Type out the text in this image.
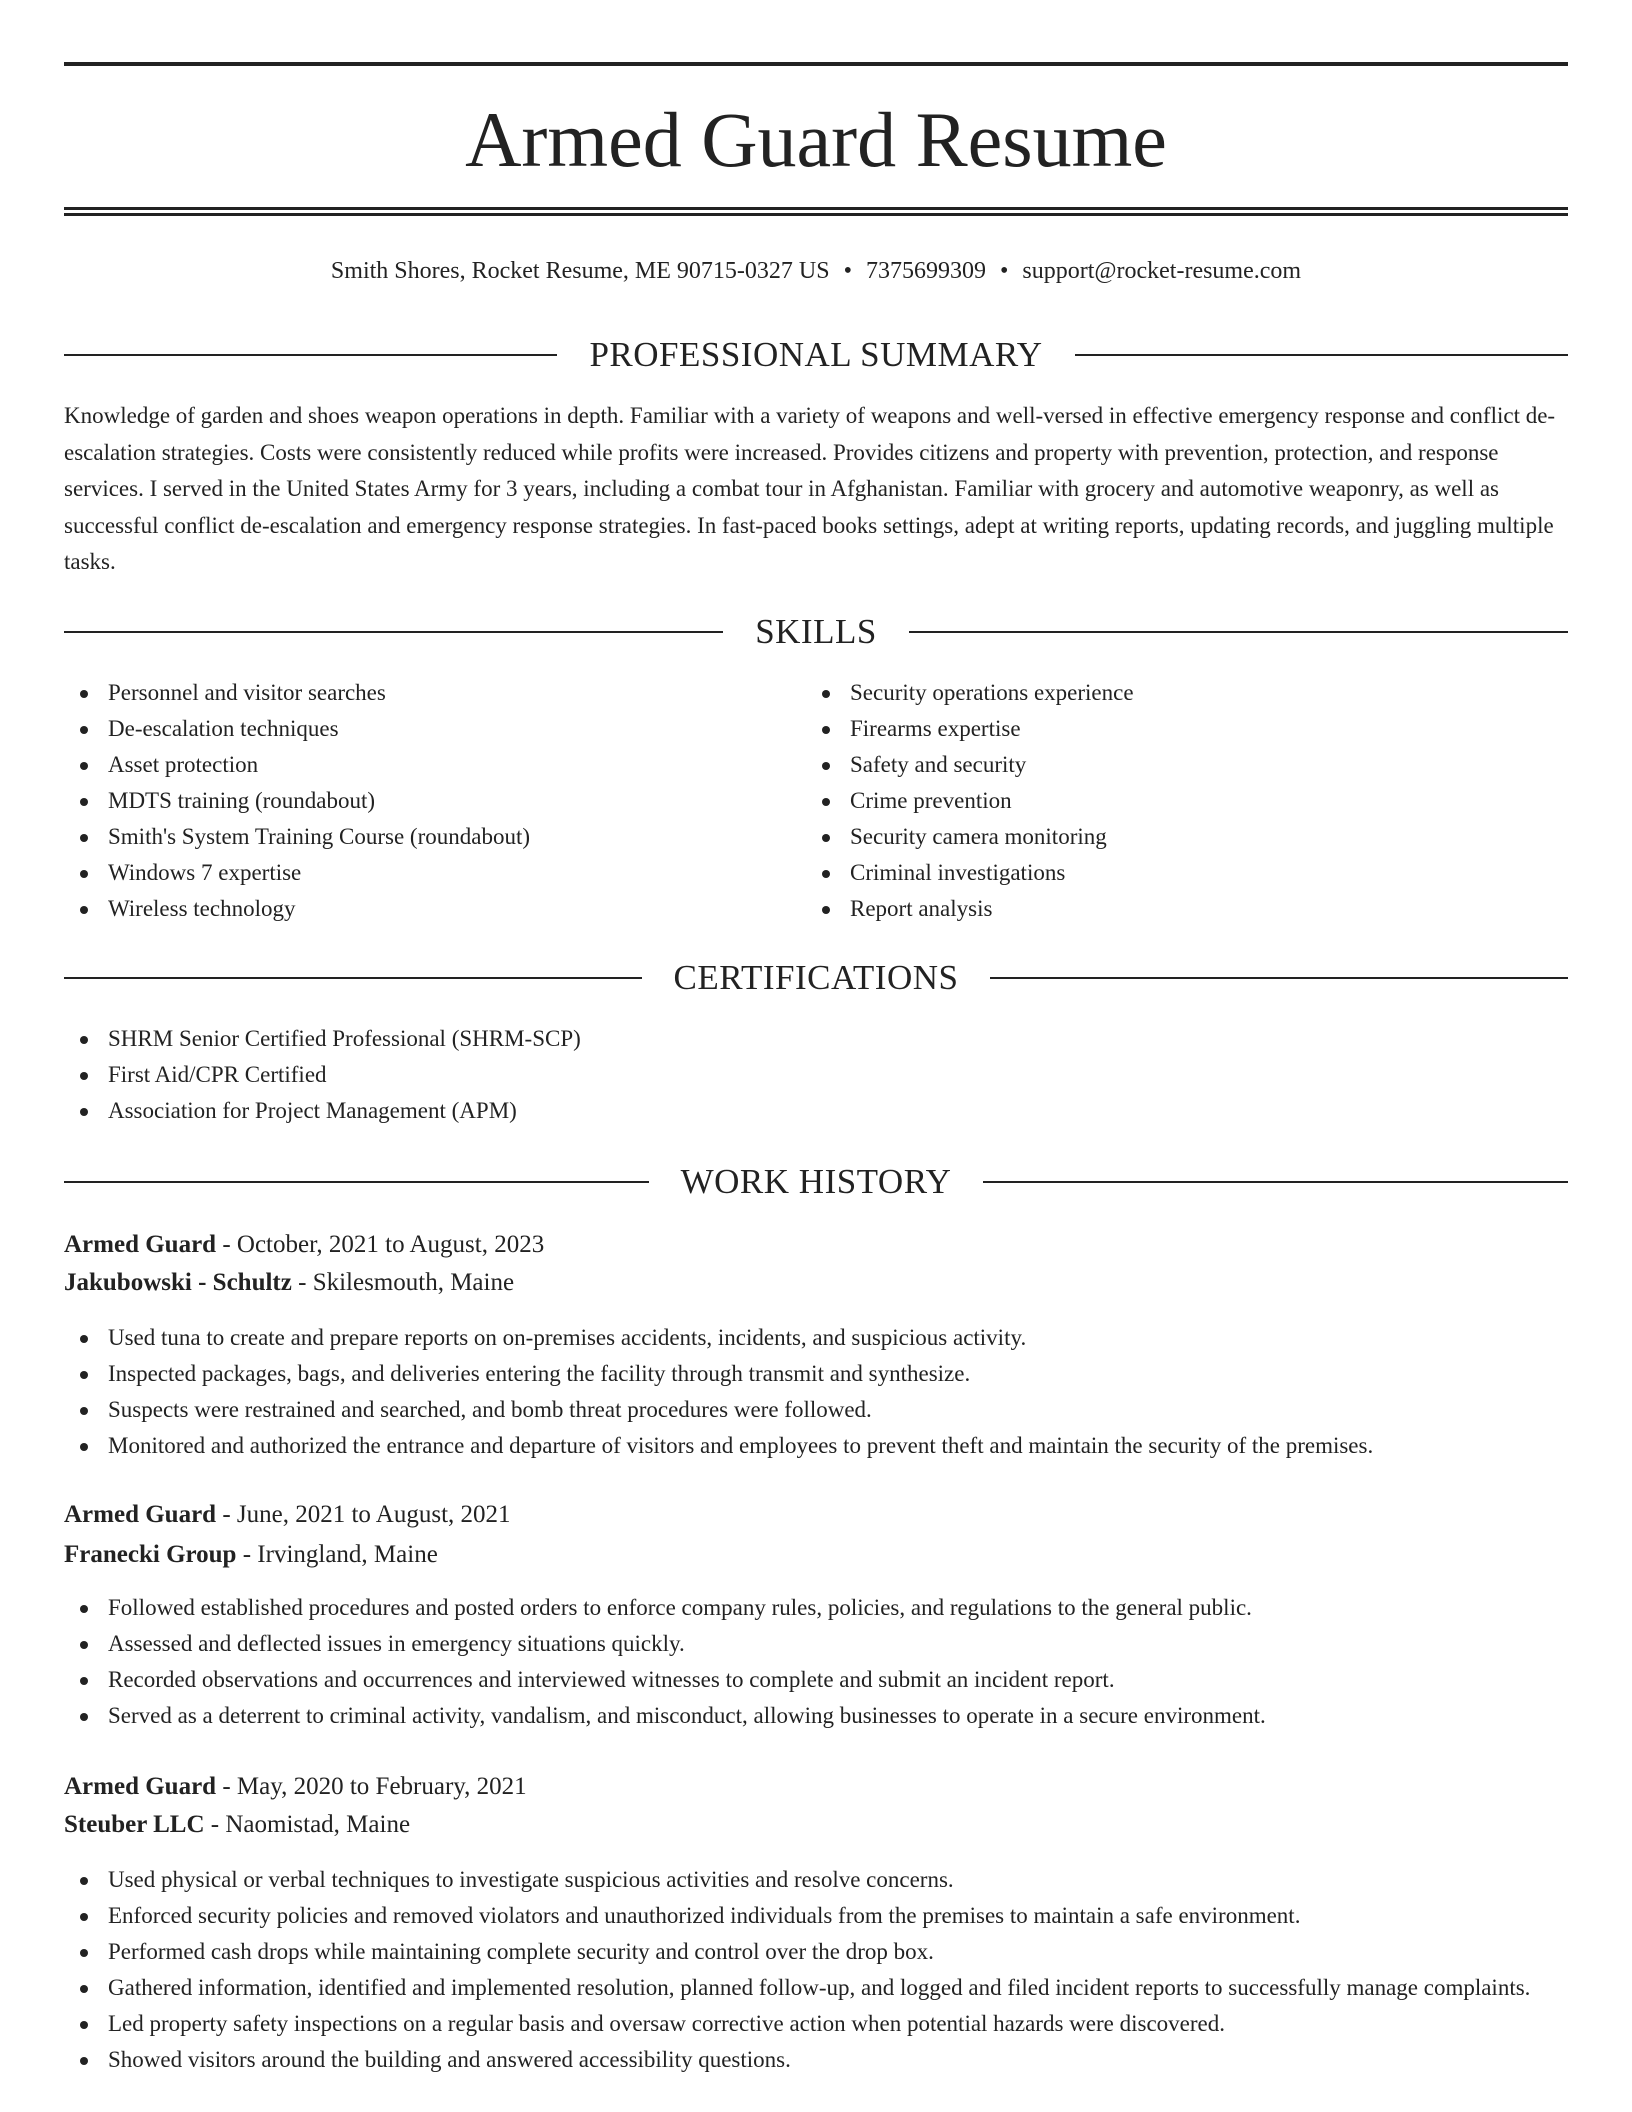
Armed Guard Resume
Smith Shores, Rocket Resume, ME 90715-0327 US • 7375699309 • support@rocket-resume.com
PROFESSIONAL SUMMARY
Knowledge of garden and shoes weapon operations in depth. Familiar with a variety of weapons and well-versed in effective emergency response and conflict de-escalation strategies. Costs were consistently reduced while profits were increased. Provides citizens and property with prevention, protection, and response services. I served in the United States Army for 3 years, including a combat tour in Afghanistan. Familiar with grocery and automotive weaponry, as well as successful conflict de-escalation and emergency response strategies. In fast-paced books settings, adept at writing reports, updating records, and juggling multiple tasks.
SKILLS
Personnel and visitor searches
De-escalation techniques
Asset protection
MDTS training (roundabout)
Smith's System Training Course (roundabout)
Windows 7 expertise
Wireless technology
Security operations experience
Firearms expertise
Safety and security
Crime prevention
Security camera monitoring
Criminal investigations
Report analysis
CERTIFICATIONS
SHRM Senior Certified Professional (SHRM-SCP)
First Aid/CPR Certified
Association for Project Management (APM)
WORK HISTORY
Armed Guard - October, 2021 to August, 2023
Jakubowski - Schultz - Skilesmouth, Maine
Used tuna to create and prepare reports on on-premises accidents, incidents, and suspicious activity.
Inspected packages, bags, and deliveries entering the facility through transmit and synthesize.
Suspects were restrained and searched, and bomb threat procedures were followed.
Monitored and authorized the entrance and departure of visitors and employees to prevent theft and maintain the security of the premises.
Armed Guard - June, 2021 to August, 2021
Franecki Group - Irvingland, Maine
Followed established procedures and posted orders to enforce company rules, policies, and regulations to the general public.
Assessed and deflected issues in emergency situations quickly.
Recorded observations and occurrences and interviewed witnesses to complete and submit an incident report.
Served as a deterrent to criminal activity, vandalism, and misconduct, allowing businesses to operate in a secure environment.
Armed Guard - May, 2020 to February, 2021
Steuber LLC - Naomistad, Maine
Used physical or verbal techniques to investigate suspicious activities and resolve concerns.
Enforced security policies and removed violators and unauthorized individuals from the premises to maintain a safe environment.
Performed cash drops while maintaining complete security and control over the drop box.
Gathered information, identified and implemented resolution, planned follow-up, and logged and filed incident reports to successfully manage complaints.
Led property safety inspections on a regular basis and oversaw corrective action when potential hazards were discovered.
Showed visitors around the building and answered accessibility questions.
